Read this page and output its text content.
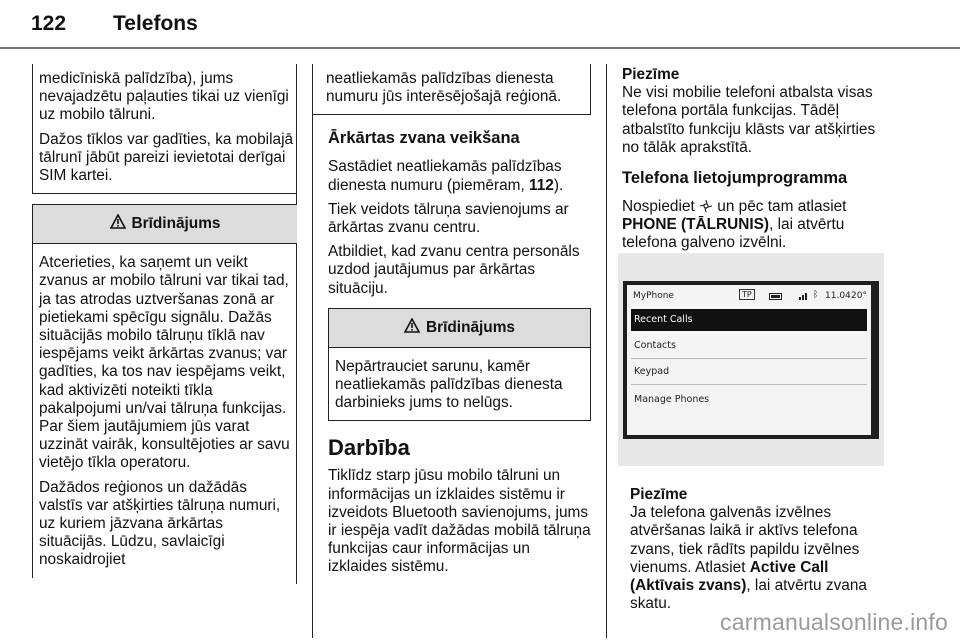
122 Telefons

medicīniskā palīdzība), jums nevajadzētu paļauties tikai uz vienīgi uz mobilo tālruni.

Dažos tīklos var gadīties, ka mobilajā tālrunī jābūt pareizi ievietotai derīgai SIM kartei.

Brīdinājums

Atcerieties, ka saņemt un veikt zvanus ar mobilo tālruni var tikai tad, ja tas atrodas uztveršanas zonā ar pietiekami spēcīgu signālu. Dažās situācijās mobilo tālruņu tīklā nav iespējams veikt ārkārtas zvanus; var gadīties, ka tos nav iespējams veikt, kad aktivizēti noteikti tīkla pakalpojumi un/vai tālruņa funkcijas. Par šiem jautājumiem jūs varat uzzināt vairāk, konsultējoties ar savu vietējo tīkla operatoru.

Dažādos reģionos un dažādās valstīs var atšķirties tālruņa numuri, uz kuriem jāzvana ārkārtas situācijās. Lūdzu, savlaicīgi noskaidrojiet

neatliekamās palīdzības dienesta numuru jūs interēsējošajā reģionā.

Ārkārtas zvana veikšana

Sastādiet neatliekamās palīdzības dienesta numuru (piemēram, 112).

Tiek veidots tālruņa savienojums ar ārkārtas zvanu centru.

Atbildiet, kad zvanu centra personāls uzdod jautājumus par ārkārtas situāciju.

Brīdinājums

Nepārtrauciet sarunu, kamēr neatliekamās palīdzības dienesta darbinieks jums to nelūgs.

Darbība

Tiklīdz starp jūsu mobilo tālruni un informācijas un izklaides sistēmu ir izveidots Bluetooth savienojums, jums ir iespēja vadīt dažādas mobilā tālruņa funkcijas caur informācijas un izklaides sistēmu.

Piezīme

Ne visi mobilie telefoni atbalsta visas telefona portāla funkcijas. Tādēļ atbalstīto funkciju klāsts var atšķirties no tālāk aprakstītā.

Telefona lietojumprogramma

Nospiediet  un pēc tam atlasiet PHONE (TĀLRUNIS), lai atvērtu telefona galveno izvēlni.

MyPhone	TP	ᛒ 11.04 20°
Recent Calls
Contacts
Keypad
Manage Phones
Piezīme

Ja telefona galvenās izvēlnes atvēršanas laikā ir aktīvs telefona zvans, tiek rādīts papildu izvēlnes vienums. Atlasiet Active Call (Aktīvais zvans), lai atvērtu zvana skatu.

carmanualsonline.info
